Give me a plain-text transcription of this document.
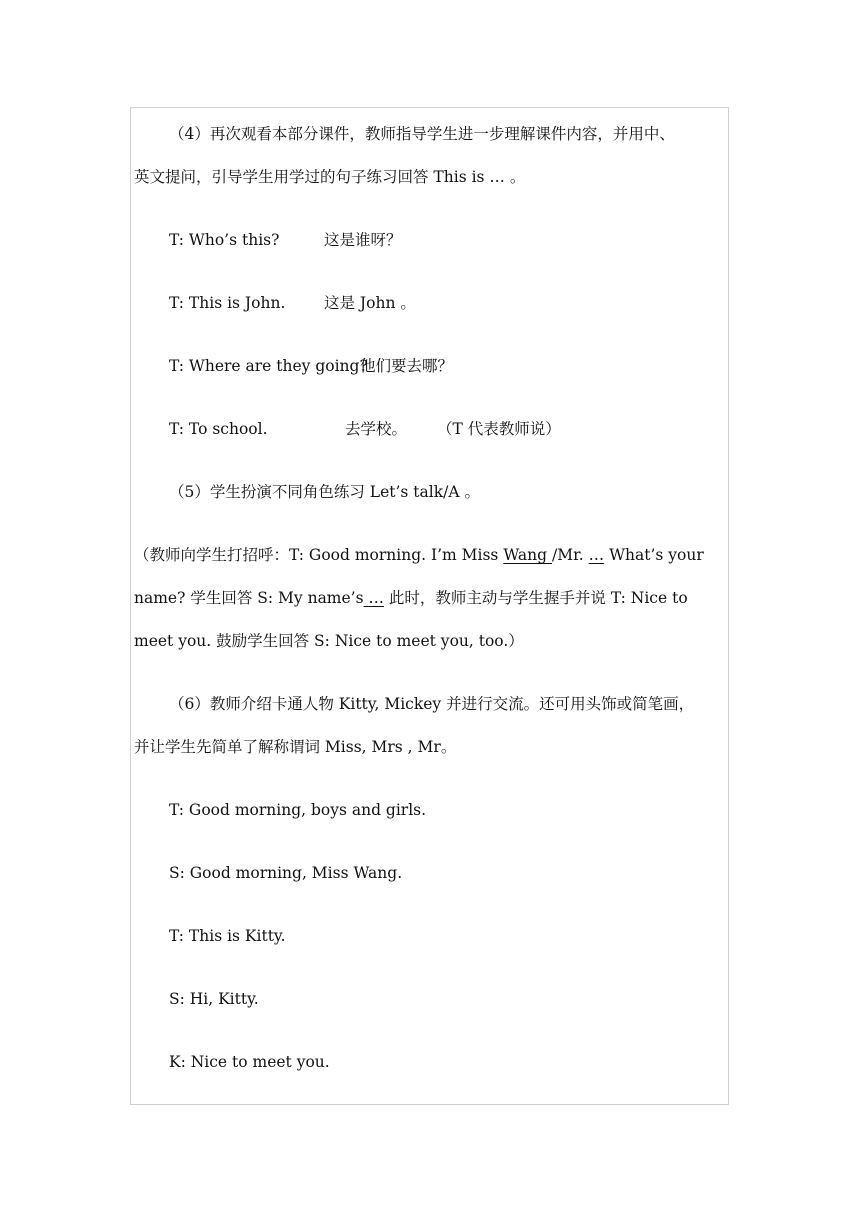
（4）再次观看本部分课件，教师指导学生进一步理解课件内容，并用中、
英文提问，引导学生用学过的句子练习回答 This is … 。
T: Who’s this?	这是谁呀？
T: This is John. 这是 John 。
T: Where are they going?他们要去哪？
T: To school.	去学校。 （T 代表教师说）
（5）学生扮演不同角色练习 Let’s talk/A 。
（教师向学生打招呼：T: Good morning. I’m Miss Wang /Mr. … What’s your
name? 学生回答 S: My name’s … 此时，教师主动与学生握手并说 T: Nice to
meet you. 鼓励学生回答 S: Nice to meet you, too.）
（6）教师介绍卡通人物 Kitty, Mickey 并进行交流。还可用头饰或简笔画，
并让学生先简单了解称谓词 Miss, Mrs , Mr。
T: Good morning, boys and girls.
S: Good morning, Miss Wang.
T: This is Kitty.
S: Hi, Kitty.
K: Nice to meet you.
